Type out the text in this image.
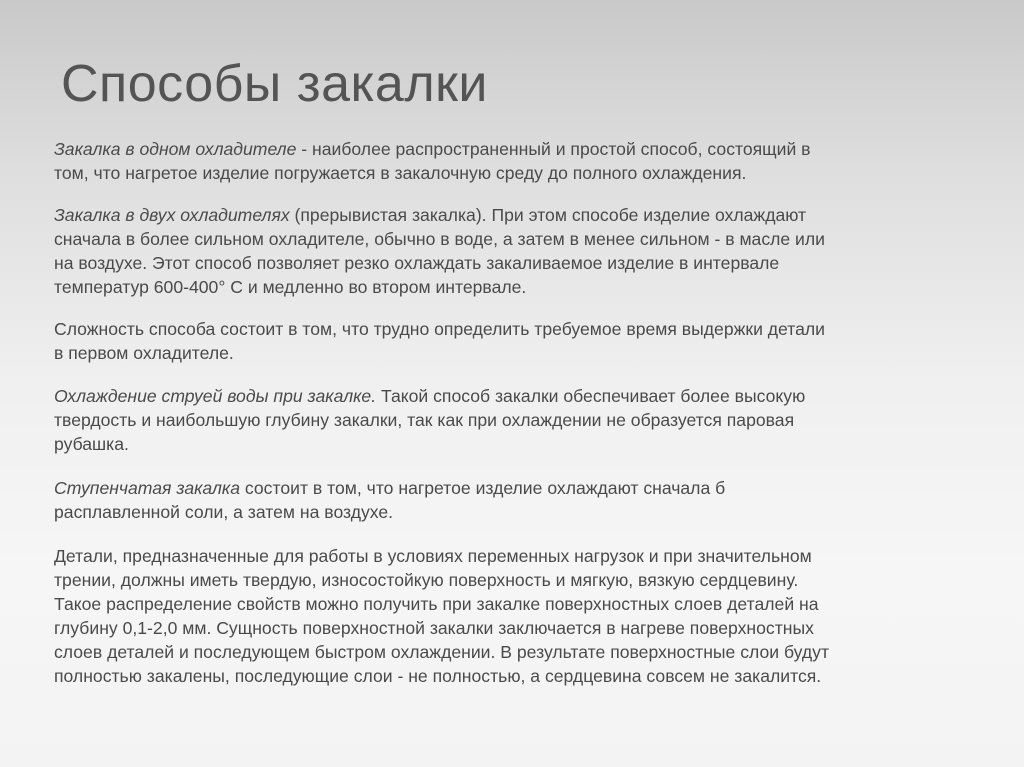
Способы закалки
Закалка в одном охладителе - наиболее распространенный и простой способ, состоящий в
том, что нагретое изделие погружается в закалочную среду до полного охлаждения.
Закалка в двух охладителях (прерывистая закалка). При этом способе изделие охлаждают
сначала в более сильном охладителе, обычно в воде, а затем в менее сильном - в масле или
на воздухе. Этот способ позволяет резко охлаждать закаливаемое изделие в интервале
температур 600-400° С и медленно во втором интервале.
Сложность способа состоит в том, что трудно определить требуемое время выдержки детали
в первом охладителе.
Охлаждение струей воды при закалке. Такой способ закалки обеспечивает более высокую
твердость и наибольшую глубину закалки, так как при охлаждении не образуется паровая
рубашка.
Ступенчатая закалка состоит в том, что нагретое изделие охлаждают сначала б
расплавленной соли, а затем на воздухе.
Детали, предназначенные для работы в условиях переменных нагрузок и при значительном
трении, должны иметь твердую, износостойкую поверхность и мягкую, вязкую сердцевину.
Такое распределение свойств можно получить при закалке поверхностных слоев деталей на
глубину 0,1-2,0 мм. Сущность поверхностной закалки заключается в нагреве поверхностных
слоев деталей и последующем быстром охлаждении. В результате поверхностные слои будут
полностью закалены, последующие слои - не полностью, а сердцевина совсем не закалится.
